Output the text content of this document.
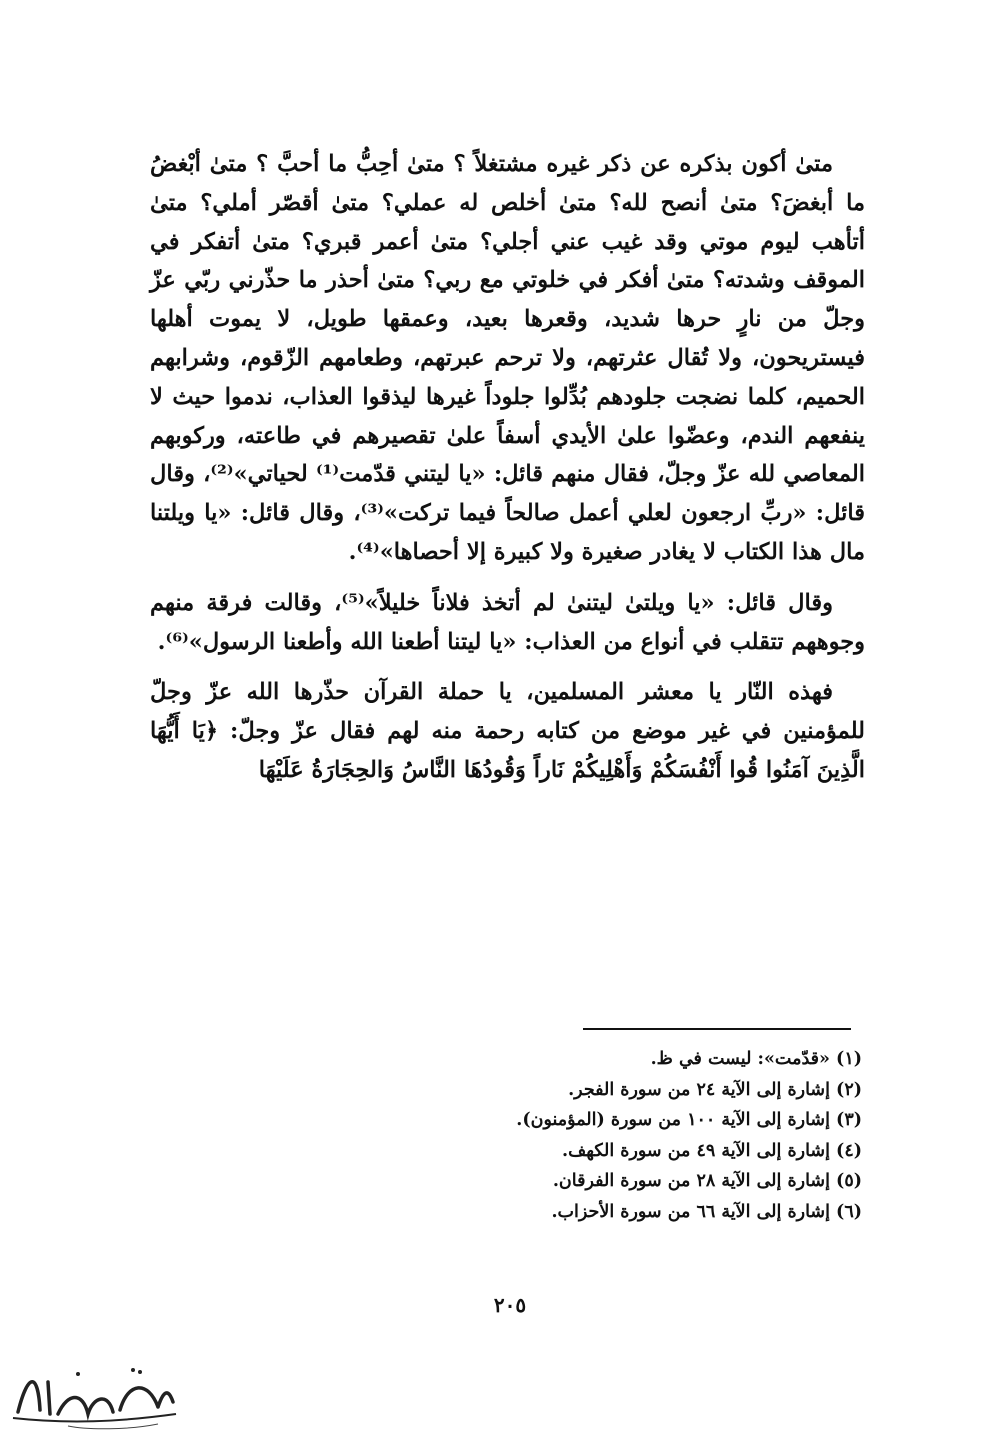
متىٰ أكون بذكره عن ذكر غيره مشتغلاً ؟ متىٰ أحِبُّ ما أحبَّ ؟ متىٰ أبْغضُ ما أبغضَ؟ متىٰ أنصح لله؟ متىٰ أخلص له عملي؟ متىٰ أقصّر أملي؟ متىٰ أتأهب ليوم موتي وقد غيب عني أجلي؟ متىٰ أعمر قبري؟ متىٰ أتفكر في الموقف وشدته؟ متىٰ أفكر في خلوتي مع ربي؟ متىٰ أحذر ما حذّرني ربّي عزّ وجلّ من نارٍ حرها شديد، وقعرها بعيد، وعمقها طويل، لا يموت أهلها فيستريحون، ولا تُقال عثرتهم، ولا ترحم عبرتهم، وطعامهم الزّقوم، وشرابهم الحميم، كلما نضجت جلودهم بُدِّلوا جلوداً غيرها ليذقوا العذاب، ندموا حيث لا ينفعهم الندم، وعضّوا علىٰ الأيدي أسفاً علىٰ تقصيرهم في طاعته، وركوبهم المعاصي لله عزّ وجلّ، فقال منهم قائل: «يا ليتني قدّمت⁽¹⁾ لحياتي»⁽²⁾، وقال قائل: «ربِّ ارجعون لعلي أعمل صالحاً فيما تركت»⁽³⁾، وقال قائل: «يا ويلتنا مال هذا الكتاب لا يغادر صغيرة ولا كبيرة إلا أحصاها»⁽⁴⁾.

وقال قائل: «يا ويلتىٰ ليتنىٰ لم أتخذ فلاناً خليلاً»⁽⁵⁾، وقالت فرقة منهم وجوههم تتقلب في أنواع من العذاب: «يا ليتنا أطعنا الله وأطعنا الرسول»⁽⁶⁾.

فهذه النّار يا معشر المسلمين، يا حملة القرآن حذّرها الله عزّ وجلّ للمؤمنين في غير موضع من كتابه رحمة منه لهم فقال عزّ وجلّ: ﴿يَا أَيُّهَا الَّذِينَ آمَنُوا قُوا أَنْفُسَكُمْ وَأَهْلِيكُمْ نَاراً وَقُودُهَا النَّاسُ وَالحِجَارَةُ عَلَيْهَا

(١) «قدّمت»: ليست في ظ.
(٢) إشارة إلى الآية ٢٤ من سورة الفجر.
(٣) إشارة إلى الآية ١٠٠ من سورة (المؤمنون).
(٤) إشارة إلى الآية ٤٩ من سورة الكهف.
(٥) إشارة إلى الآية ٢٨ من سورة الفرقان.
(٦) إشارة إلى الآية ٦٦ من سورة الأحزاب.
٢٠٥
